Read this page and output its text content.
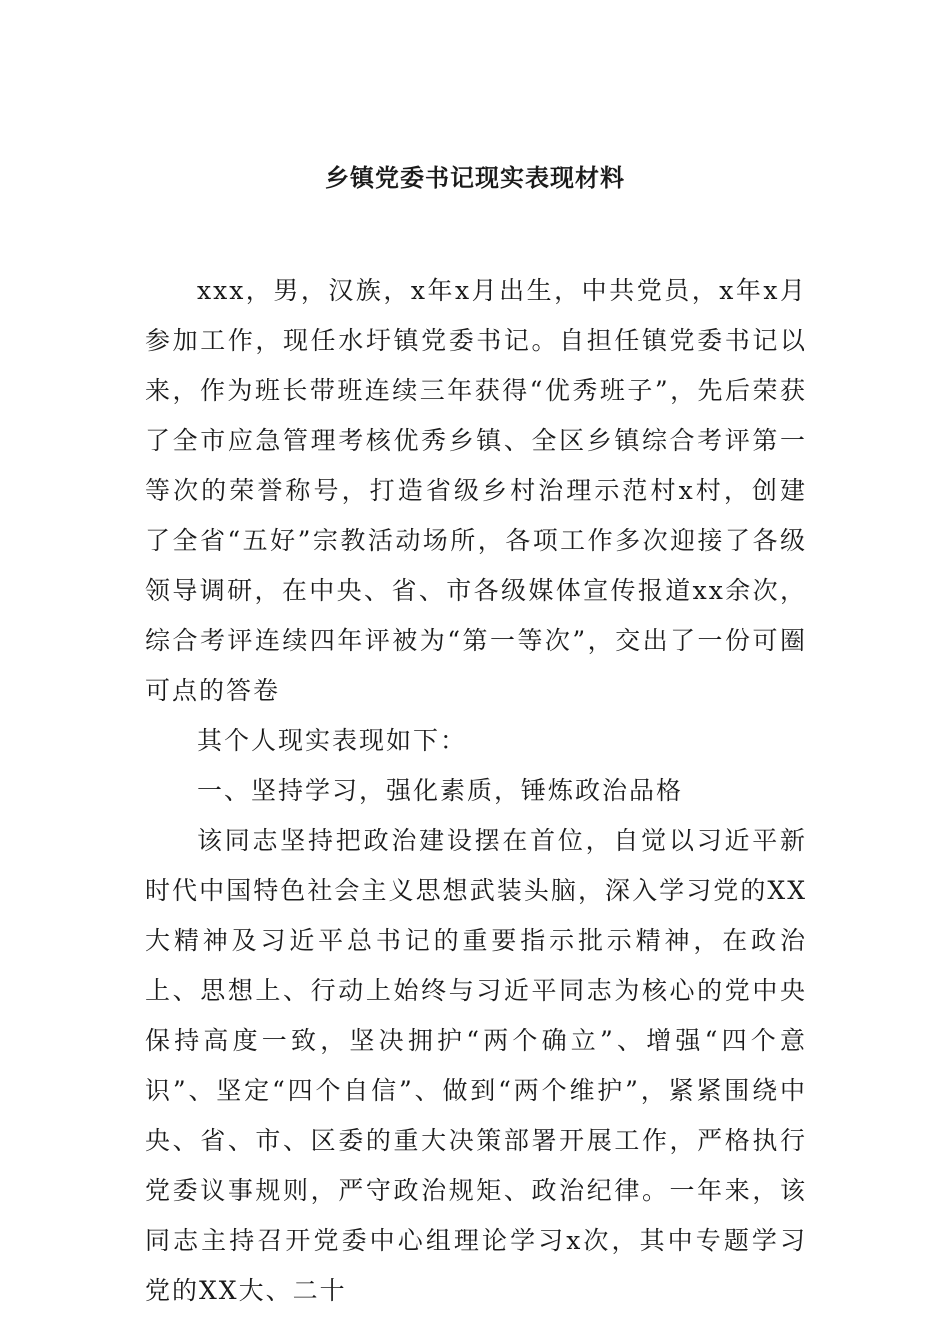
乡镇党委书记现实表现材料

xxx，男，汉族，x年x月出生，中共党员，x年x月参加工作，现任水圩镇党委书记。自担任镇党委书记以来，作为班长带班连续三年获得“优秀班子”，先后荣获了全市应急管理考核优秀乡镇、全区乡镇综合考评第一等次的荣誉称号，打造省级乡村治理示范村x村，创建了全省“五好”宗教活动场所，各项工作多次迎接了各级领导调研，在中央、省、市各级媒体宣传报道xx余次，综合考评连续四年评被为“第一等次”，交出了一份可圈可点的答卷

其个人现实表现如下：

一、坚持学习，强化素质，锤炼政治品格

该同志坚持把政治建设摆在首位，自觉以习近平新时代中国特色社会主义思想武装头脑，深入学习党的XX大精神及习近平总书记的重要指示批示精神，在政治上、思想上、行动上始终与习近平同志为核心的党中央保持高度一致，坚决拥护“两个确立”、增强“四个意识”、坚定“四个自信”、做到“两个维护”，紧紧围绕中央、省、市、区委的重大决策部署开展工作，严格执行党委议事规则，严守政治规矩、政治纪律。一年来，该同志主持召开党委中心组理论学习x次，其中专题学习党的XX大、二十
